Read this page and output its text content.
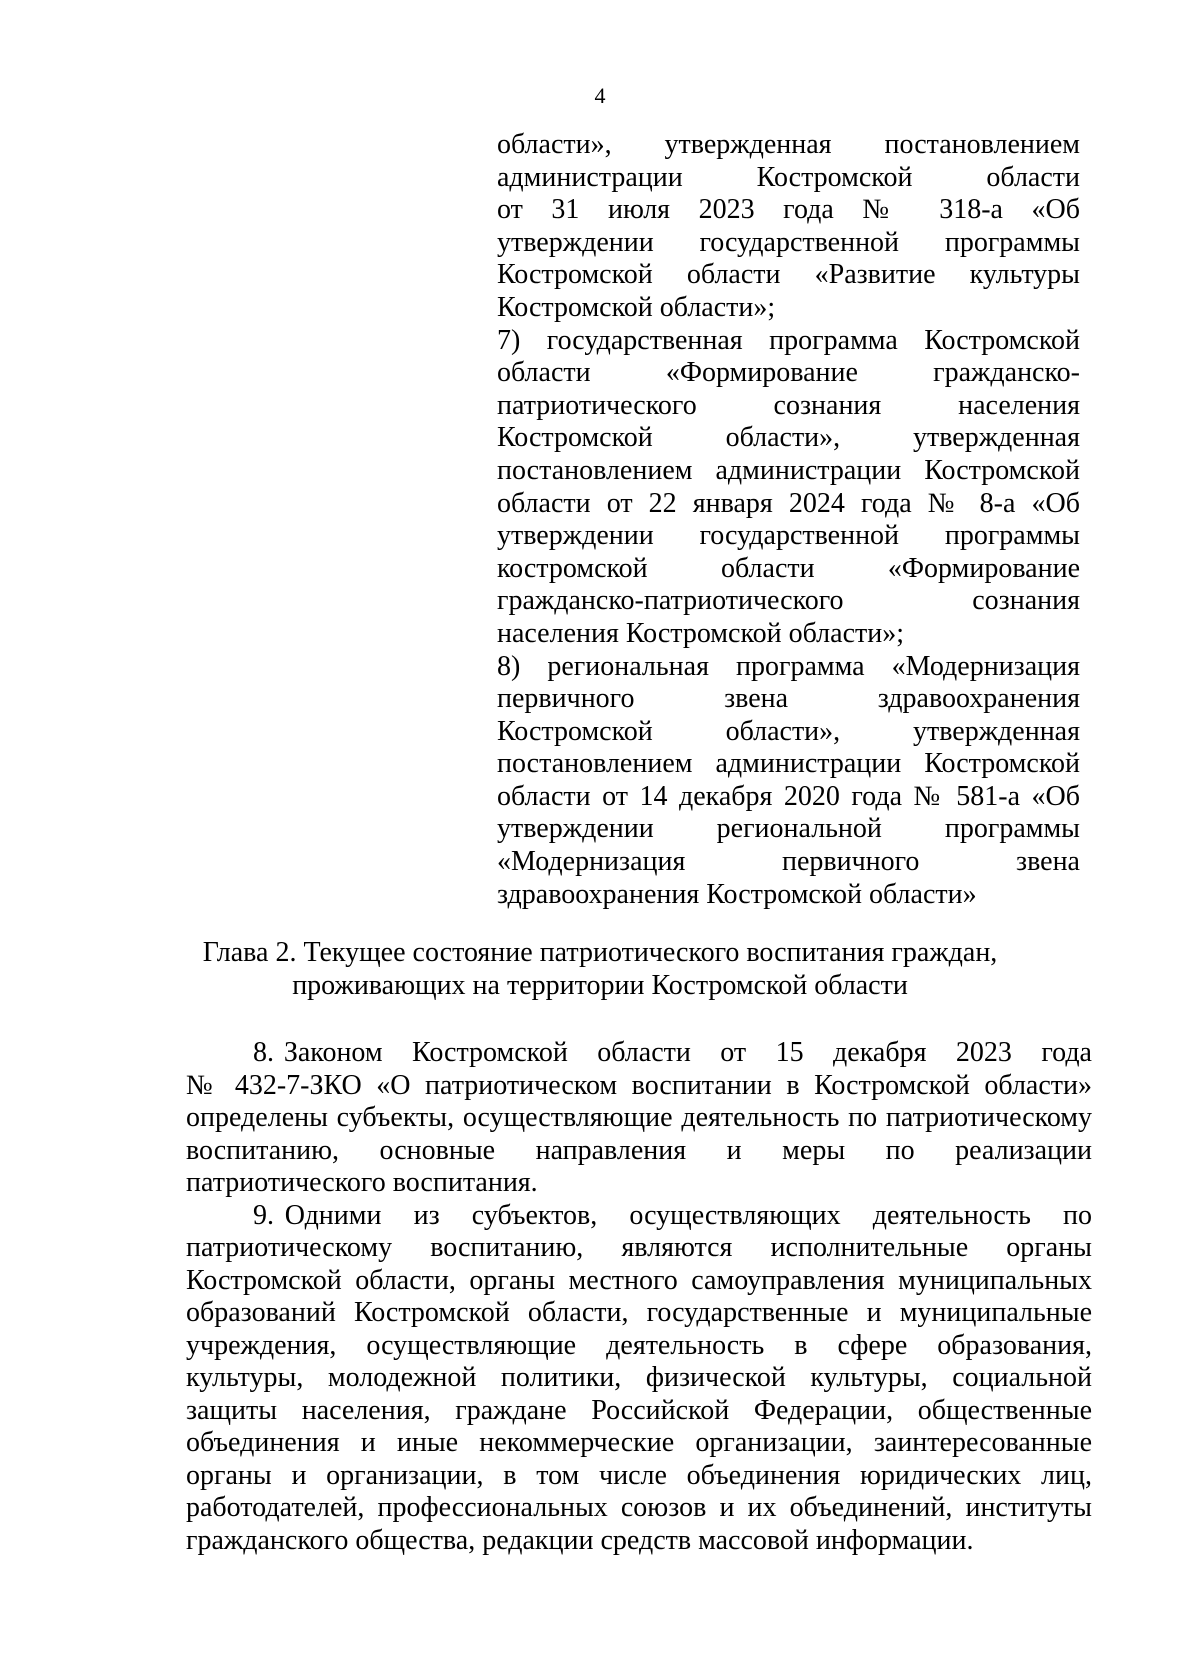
4
области»,   утвержденная   постановлением
администрации   Костромской   области
от 31 июля 2023 года № 318-а «Об
утверждении  государственной  программы
Костромской области «Развитие культуры
Костромской области»;
7) государственная программа Костромской
области    «Формирование    гражданско-
патриотического   сознания   населения
Костромской    области»,    утвержденная
постановлением администрации Костромской
области от 22 января 2024 года № 8-а «Об
утверждении  государственной  программы
костромской    области    «Формирование
гражданско-патриотического          сознания
населения Костромской области»;
8) региональная программа «Модернизация
первичного      звена      здравоохранения
Костромской    области»,    утвержденная
постановлением администрации Костромской
области от 14 декабря 2020 года № 581-а «Об
утверждении    региональной    программы
«Модернизация      первичного      звена
здравоохранения Костромской области»
Глава 2. Текущее состояние патриотического воспитания граждан,
проживающих на территории Костромской области
8. Законом   Костромской   области   от   15   декабря   2023   года
№ 432-7-ЗКО «О патриотическом воспитании в Костромской области»
определены субъекты, осуществляющие деятельность по патриотическому
воспитанию,    основные    направления    и    меры    по    реализации
патриотического воспитания.
9. Одними   из   субъектов,   осуществляющих   деятельность   по
патриотическому   воспитанию,   являются   исполнительные   органы
Костромской области, органы местного самоуправления муниципальных
образований Костромской области, государственные и муниципальные
учреждения,  осуществляющие  деятельность  в  сфере  образования,
культуры, молодежной политики, физической культуры, социальной
защиты населения, граждане Российской Федерации, общественные
объединения и иные некоммерческие организации, заинтересованные
органы и организации, в том числе объединения юридических лиц,
работодателей, профессиональных союзов и их объединений, институты
гражданского общества, редакции средств массовой информации.
